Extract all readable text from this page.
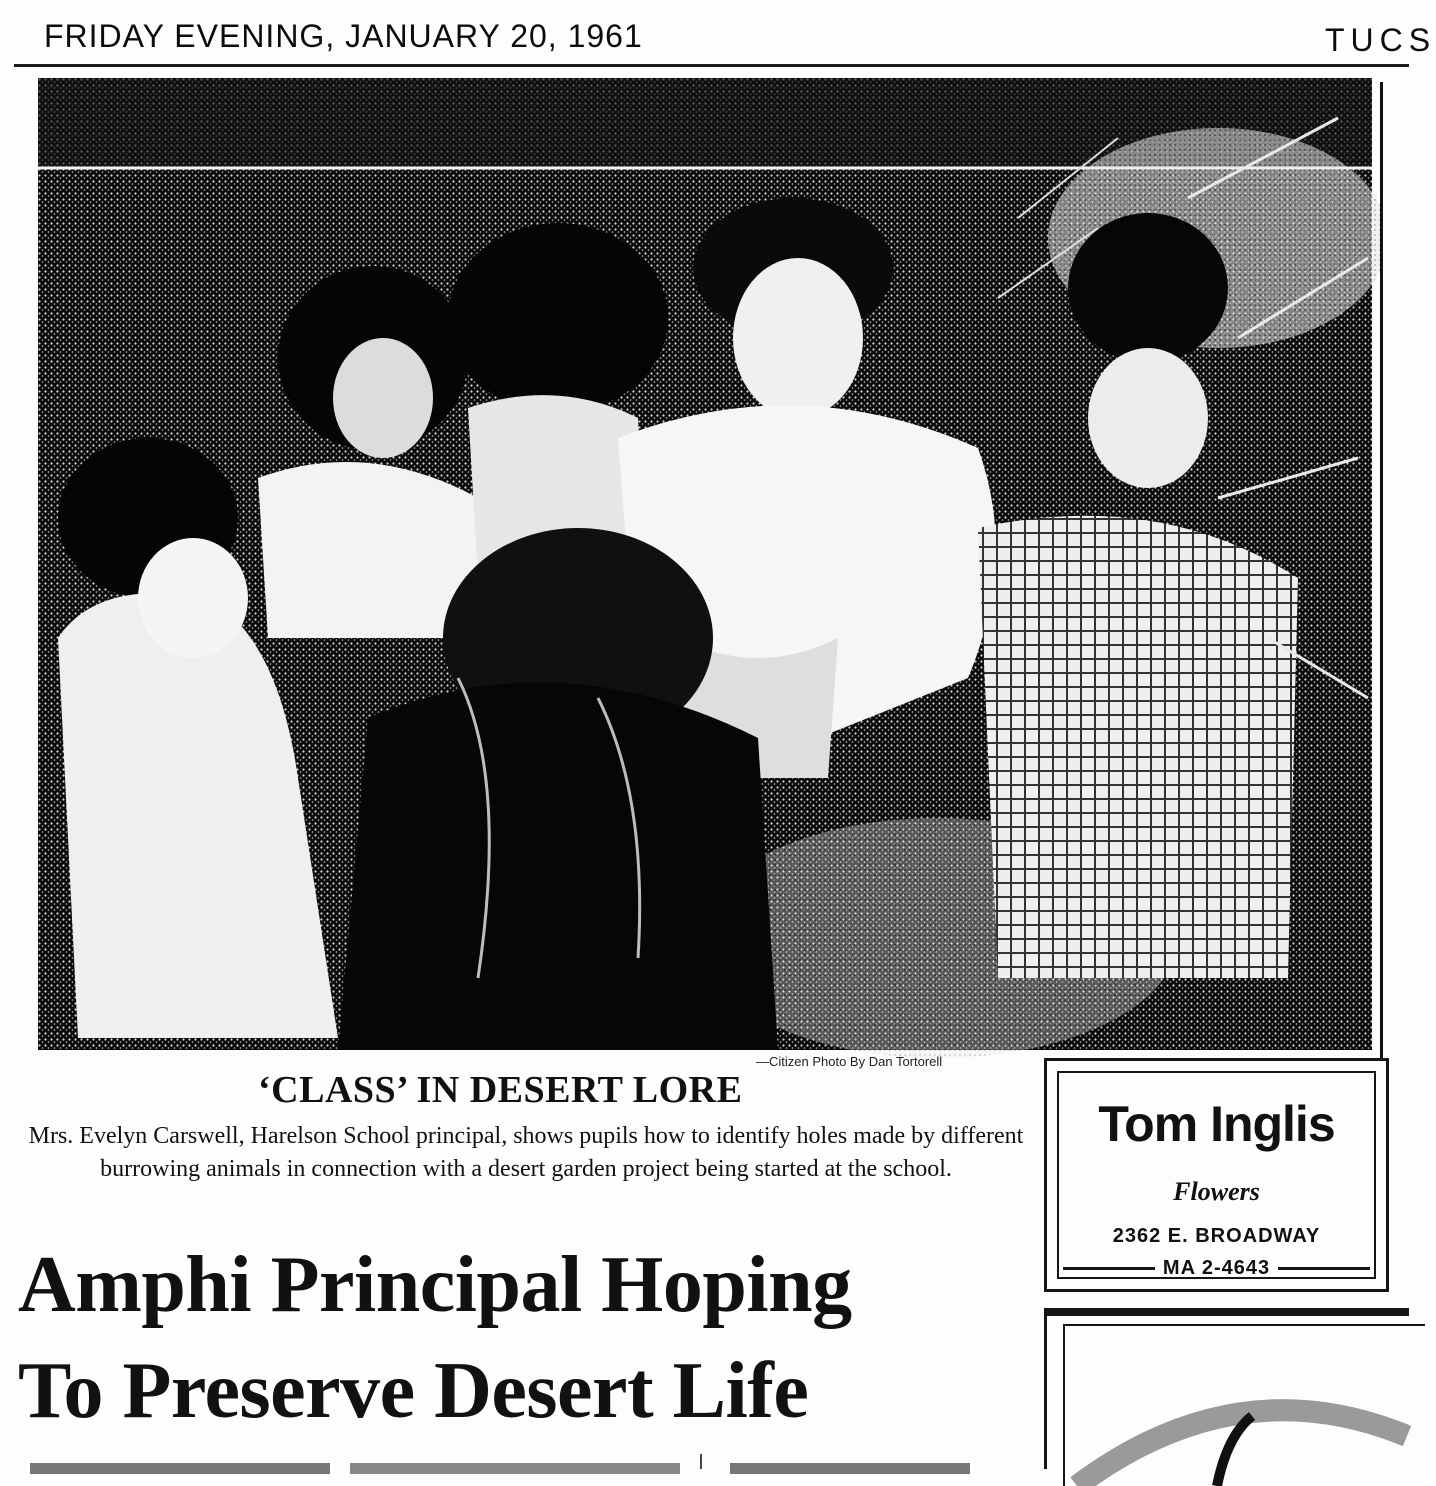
FRIDAY EVENING, JANUARY 20, 1961	TUCS
—Citizen Photo By Dan Tortorell
‘CLASS’ IN DESERT LORE
Mrs. Evelyn Carswell, Harelson School principal, shows pupils how to identify holes made by different burrowing animals in connection with a desert garden project being started at the school.
Amphi Principal Hoping
To Preserve Desert Life
Tom Inglis
Flowers
2362 E. BROADWAY
MA 2-4643
